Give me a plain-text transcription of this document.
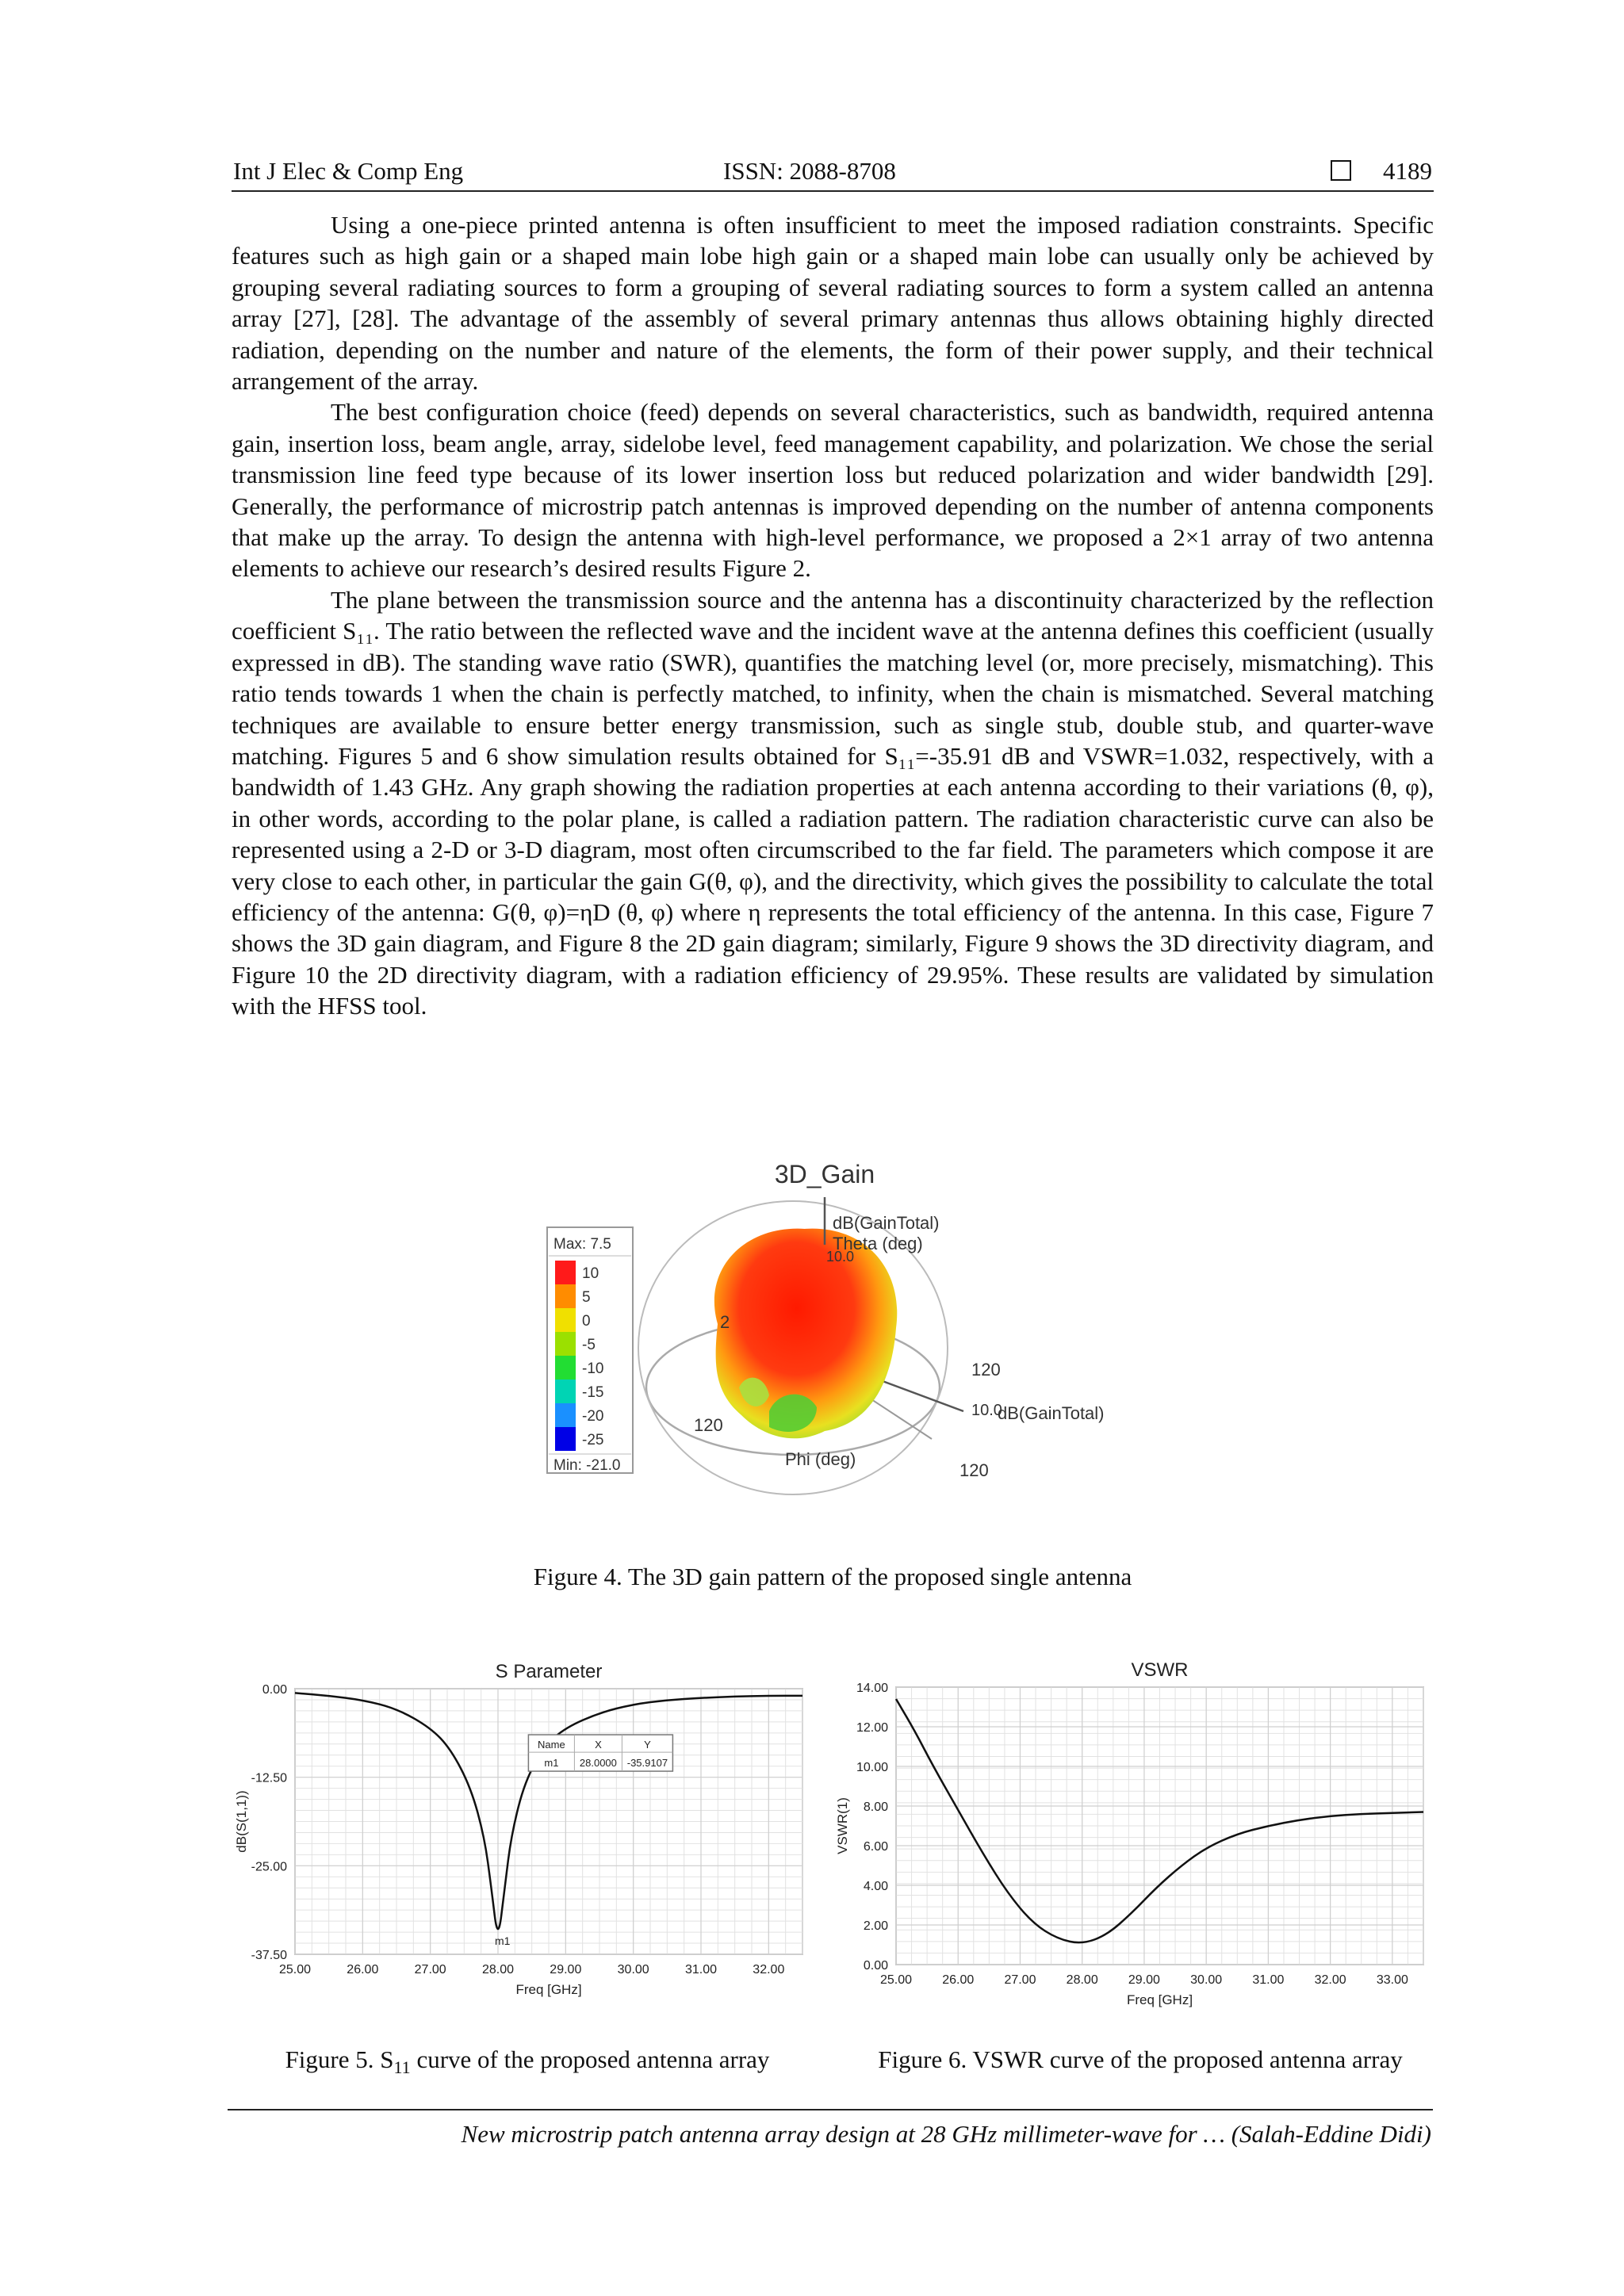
Int J Elec & Comp Eng	ISSN: 2088-8708	4189

Using a one-piece printed antenna is often insufficient to meet the imposed radiation constraints. Specific features such as high gain or a shaped main lobe high gain or a shaped main lobe can usually only be achieved by grouping several radiating sources to form a grouping of several radiating sources to form a system called an antenna array [27], [28]. The advantage of the assembly of several primary antennas thus allows obtaining highly directed radiation, depending on the number and nature of the elements, the form of their power supply, and their technical arrangement of the array.

The best configuration choice (feed) depends on several characteristics, such as bandwidth, required antenna gain, insertion loss, beam angle, array, sidelobe level, feed management capability, and polarization. We chose the serial transmission line feed type because of its lower insertion loss but reduced polarization and wider bandwidth [29]. Generally, the performance of microstrip patch antennas is improved depending on the number of antenna components that make up the array. To design the antenna with high-level performance, we proposed a 2×1 array of two antenna elements to achieve our research’s desired results Figure 2.

The plane between the transmission source and the antenna has a discontinuity characterized by the reflection coefficient S₁₁. The ratio between the reflected wave and the incident wave at the antenna defines this coefficient (usually expressed in dB). The standing wave ratio (SWR), quantifies the matching level (or, more precisely, mismatching). This ratio tends towards 1 when the chain is perfectly matched, to infinity, when the chain is mismatched. Several matching techniques are available to ensure better energy transmission, such as single stub, double stub, and quarter-wave matching. Figures 5 and 6 show simulation results obtained for S₁₁=-35.91 dB and VSWR=1.032, respectively, with a bandwidth of 1.43 GHz. Any graph showing the radiation properties at each antenna according to their variations (θ, φ), in other words, according to the polar plane, is called a radiation pattern. The radiation characteristic curve can also be represented using a 2-D or 3-D diagram, most often circumscribed to the far field. The parameters which compose it are very close to each other, in particular the gain G(θ, φ), and the directivity, which gives the possibility to calculate the total efficiency of the antenna: G(θ, φ)=ηD (θ, φ) where η represents the total efficiency of the antenna. In this case, Figure 7 shows the 3D gain diagram, and Figure 8 the 2D gain diagram; similarly, Figure 9 shows the 3D directivity diagram, and Figure 10 the 2D directivity diagram, with a radiation efficiency of 29.95%. These results are validated by simulation with the HFSS tool.

3D_Gain
Max: 7.5
10
5
0
-5
-10
-15
-20
-25
Min: -21.0
dB(GainTotal)
Theta (deg)
10.0
120
10.0
dB(GainTotal)
120
Phi (deg)
120
2
Figure 4. The 3D gain pattern of the proposed single antenna
S Parameter
25.00	26.00	27.00	28.00	29.00	30.00	31.00	32.00
0.00
-12.50
-25.00
-37.50
Freq [GHz]
dB(S(1,1))
m1
Name	X	Y
m1 28.0000 -35.9107
VSWR
25.00 26.00 27.00 28.00 29.00 30.00 31.00 32.00 33.00
0.00
2.00
4.00
6.00
8.00
10.00
12.00
14.00
Freq [GHz]
VSWR(1)
Figure 5. $S_{11}$ curve of the proposed antenna array	Figure 6. VSWR curve of the proposed antenna array
New microstrip patch antenna array design at 28 GHz millimeter-wave for … (Salah-Eddine Didi)
